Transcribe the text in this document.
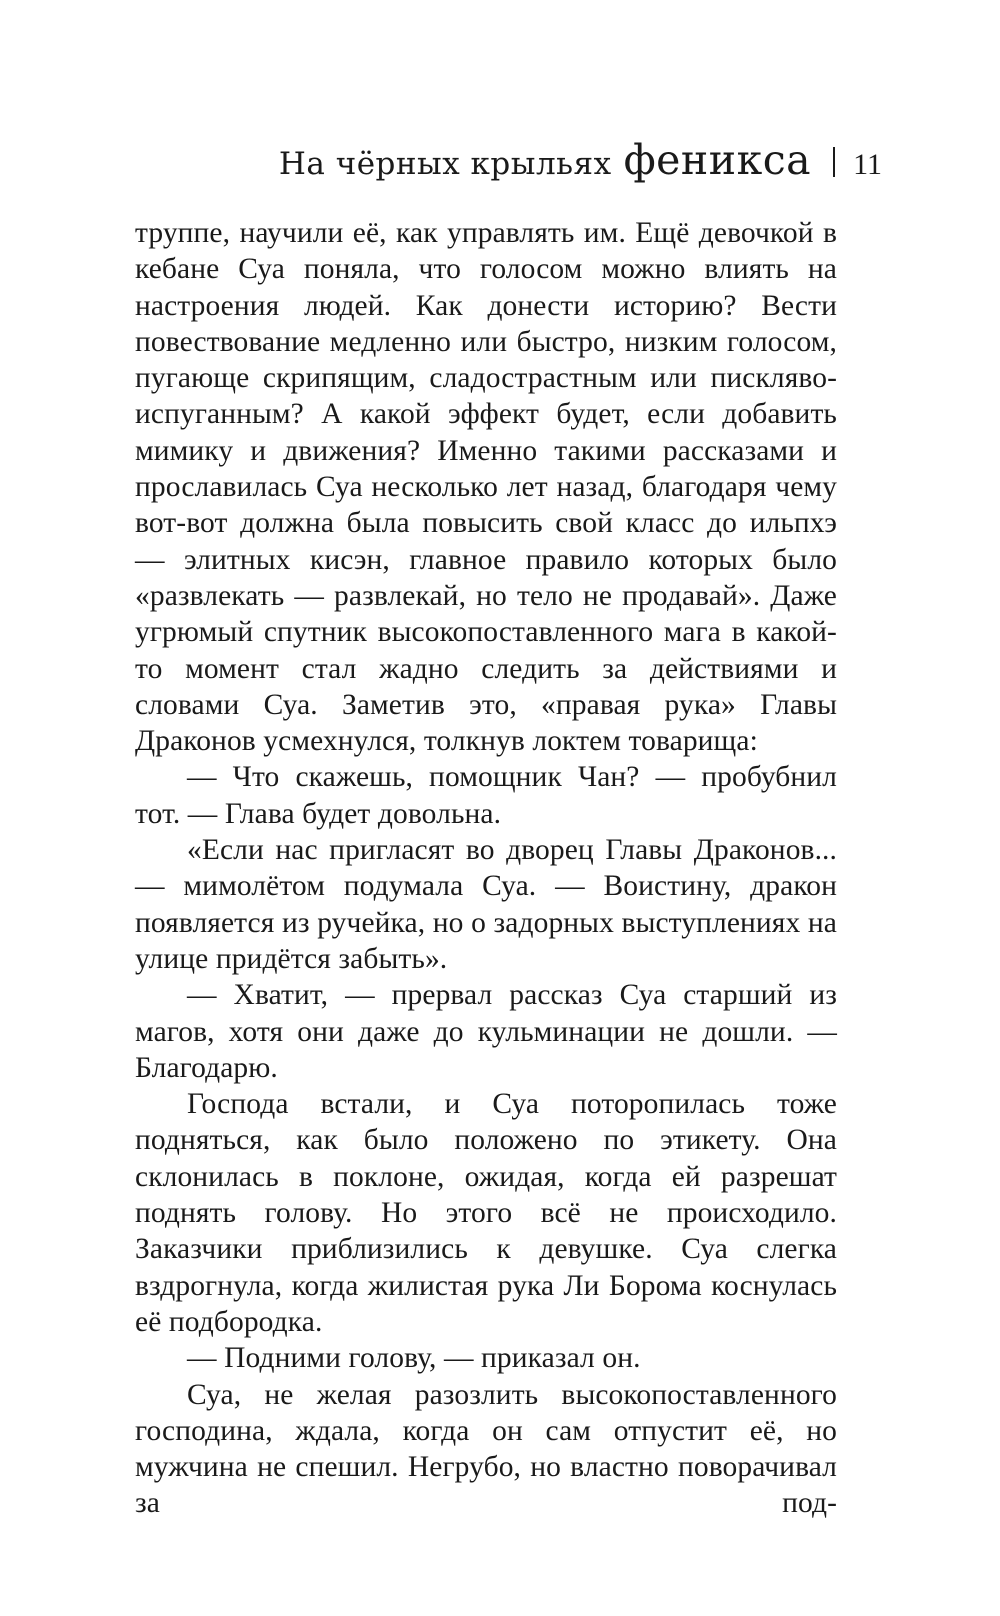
На чёрных крыльях феникса 11

труппе, научили её, как управлять им. Ещё девочкой в кебане Суа поняла, что голосом можно влиять на настроения людей. Как донести историю? Вести повествование медленно или быстро, низким голосом, пугающе скрипящим, сладострастным или пискляво-испуганным? А какой эффект будет, если добавить мимику и движения? Именно такими рассказами и прославилась Суа несколько лет назад, благодаря чему вот-вот должна была повысить свой класс до ильпхэ — элитных кисэн, главное правило которых было «развлекать — развлекай, но тело не продавай». Даже угрюмый спутник высокопоставленного мага в какой-то момент стал жадно следить за действиями и словами Суа. Заметив это, «правая рука» Главы Драконов усмехнулся, толкнув локтем товарища:

— Что скажешь, помощник Чан? — пробубнил тот. — Глава будет довольна.

«Если нас пригласят во дворец Главы Драконов... — мимолётом подумала Суа. — Воистину, дракон появляется из ручейка, но о задорных выступлениях на улице придётся забыть».

— Хватит, — прервал рассказ Суа старший из магов, хотя они даже до кульминации не дошли. — Благодарю.

Господа встали, и Суа поторопилась тоже подняться, как было положено по этикету. Она склонилась в поклоне, ожидая, когда ей разрешат поднять голову. Но этого всё не происходило. Заказчики приблизились к девушке. Суа слегка вздрогнула, когда жилистая рука Ли Борома коснулась её подбородка.

— Подними голову, — приказал он.

Суа, не желая разозлить высокопоставленного господина, ждала, когда он сам отпустит её, но мужчина не спешил. Негрубо, но властно поворачивал за под-
